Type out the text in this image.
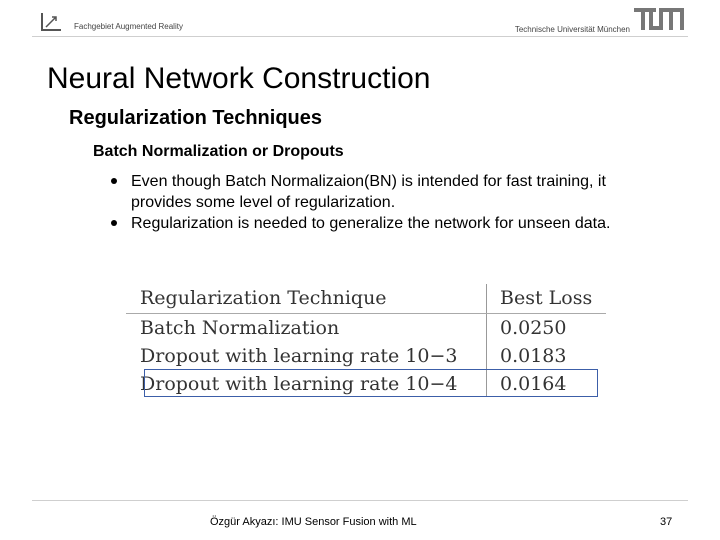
Fachgebiet Augmented Reality	Technische Universität München
Neural Network Construction
Regularization Techniques
Batch Normalization or Dropouts
Even though Batch Normalizaion(BN) is intended for fast training, it provides some level of regularization.
Regularization is needed to generalize the network for unseen data.
Regularization Technique	Best Loss
Batch Normalization	0.0250
Dropout with learning rate 10−3 0.0183
Dropout with learning rate 10−4 0.0164
Özgür Akyazı: IMU Sensor Fusion with ML	37
